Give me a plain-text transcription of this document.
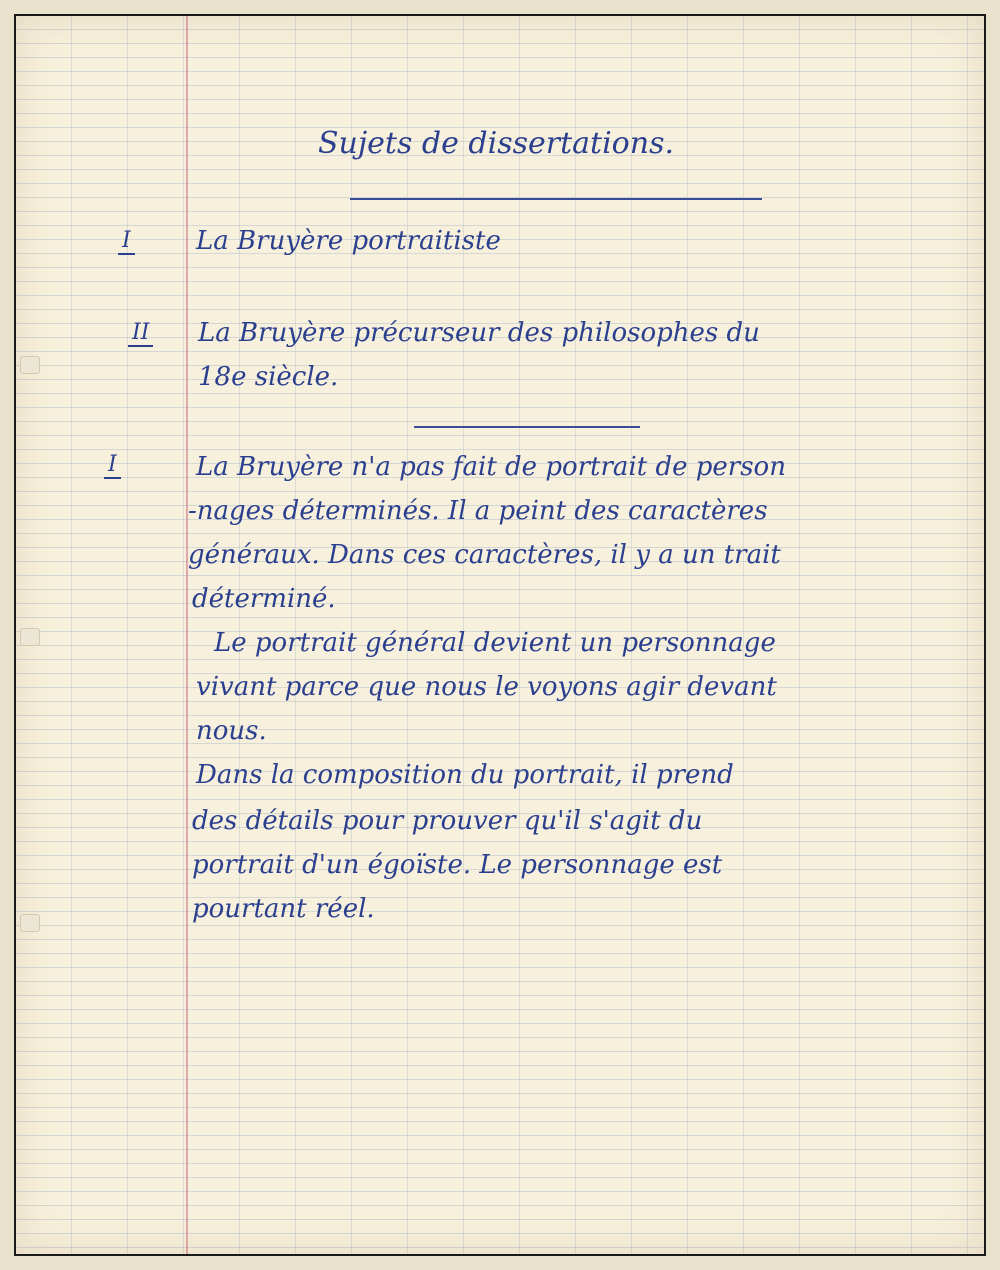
Sujets de dissertations.
I	La Bruyère portraitiste
II La Bruyère précurseur des philosophes du
18e siècle.
I	La Bruyère n'a pas fait de portrait de person
-nages déterminés. Il a peint des caractères
généraux. Dans ces caractères, il y a un trait
déterminé.
Le portrait général devient un personnage
vivant parce que nous le voyons agir devant
nous.
Dans la composition du portrait, il prend
des détails pour prouver qu'il s'agit du
portrait d'un égoïste. Le personnage est
pourtant réel.
